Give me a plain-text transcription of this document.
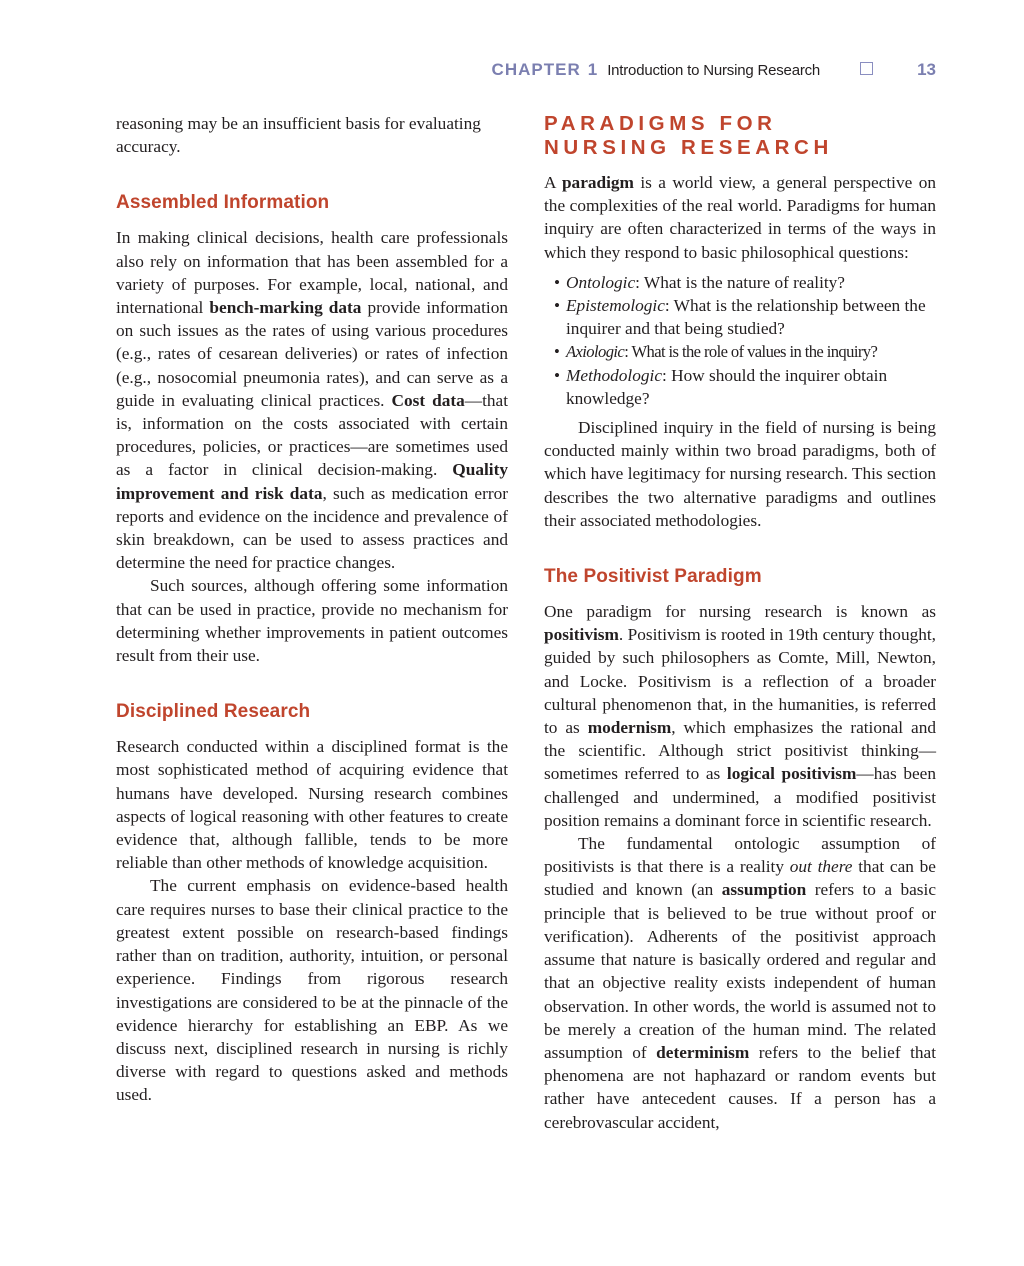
CHAPTER 1 Introduction to Nursing Research	13

reasoning may be an insufficient basis for evaluating accuracy.

Assembled Information

In making clinical decisions, health care professionals also rely on information that has been assembled for a variety of purposes. For example, local, national, and international bench-marking data provide information on such issues as the rates of using various procedures (e.g., rates of cesarean deliveries) or rates of infection (e.g., nosocomial pneumonia rates), and can serve as a guide in evaluating clinical practices. Cost data—that is, information on the costs associated with certain procedures, policies, or practices—are sometimes used as a factor in clinical decision-making. Quality improvement and risk data, such as medication error reports and evidence on the incidence and prevalence of skin breakdown, can be used to assess practices and determine the need for practice changes.

Such sources, although offering some information that can be used in practice, provide no mechanism for determining whether improvements in patient outcomes result from their use.

Disciplined Research

Research conducted within a disciplined format is the most sophisticated method of acquiring evidence that humans have developed. Nursing research combines aspects of logical reasoning with other features to create evidence that, although fallible, tends to be more reliable than other methods of knowledge acquisition.

The current emphasis on evidence-based health care requires nurses to base their clinical practice to the greatest extent possible on research-based findings rather than on tradition, authority, intuition, or personal experience. Findings from rigorous research investigations are considered to be at the pinnacle of the evidence hierarchy for establishing an EBP. As we discuss next, disciplined research in nursing is richly diverse with regard to questions asked and methods used.

PARADIGMS FOR
NURSING RESEARCH

A paradigm is a world view, a general perspective on the complexities of the real world. Paradigms for human inquiry are often characterized in terms of the ways in which they respond to basic philosophical questions:

• Ontologic: What is the nature of reality?
• Epistemologic: What is the relationship between the inquirer and that being studied?
• Axiologic: What is the role of values in the inquiry?
• Methodologic: How should the inquirer obtain knowledge?

Disciplined inquiry in the field of nursing is being conducted mainly within two broad paradigms, both of which have legitimacy for nursing research. This section describes the two alternative paradigms and outlines their associated methodologies.

The Positivist Paradigm

One paradigm for nursing research is known as positivism. Positivism is rooted in 19th century thought, guided by such philosophers as Comte, Mill, Newton, and Locke. Positivism is a reflection of a broader cultural phenomenon that, in the humanities, is referred to as modernism, which emphasizes the rational and the scientific. Although strict positivist thinking—sometimes referred to as logical positivism—has been challenged and undermined, a modified positivist position remains a dominant force in scientific research.

The fundamental ontologic assumption of positivists is that there is a reality out there that can be studied and known (an assumption refers to a basic principle that is believed to be true without proof or verification). Adherents of the positivist approach assume that nature is basically ordered and regular and that an objective reality exists independent of human observation. In other words, the world is assumed not to be merely a creation of the human mind. The related assumption of determinism refers to the belief that phenomena are not haphazard or random events but rather have antecedent causes. If a person has a cerebrovascular accident,
